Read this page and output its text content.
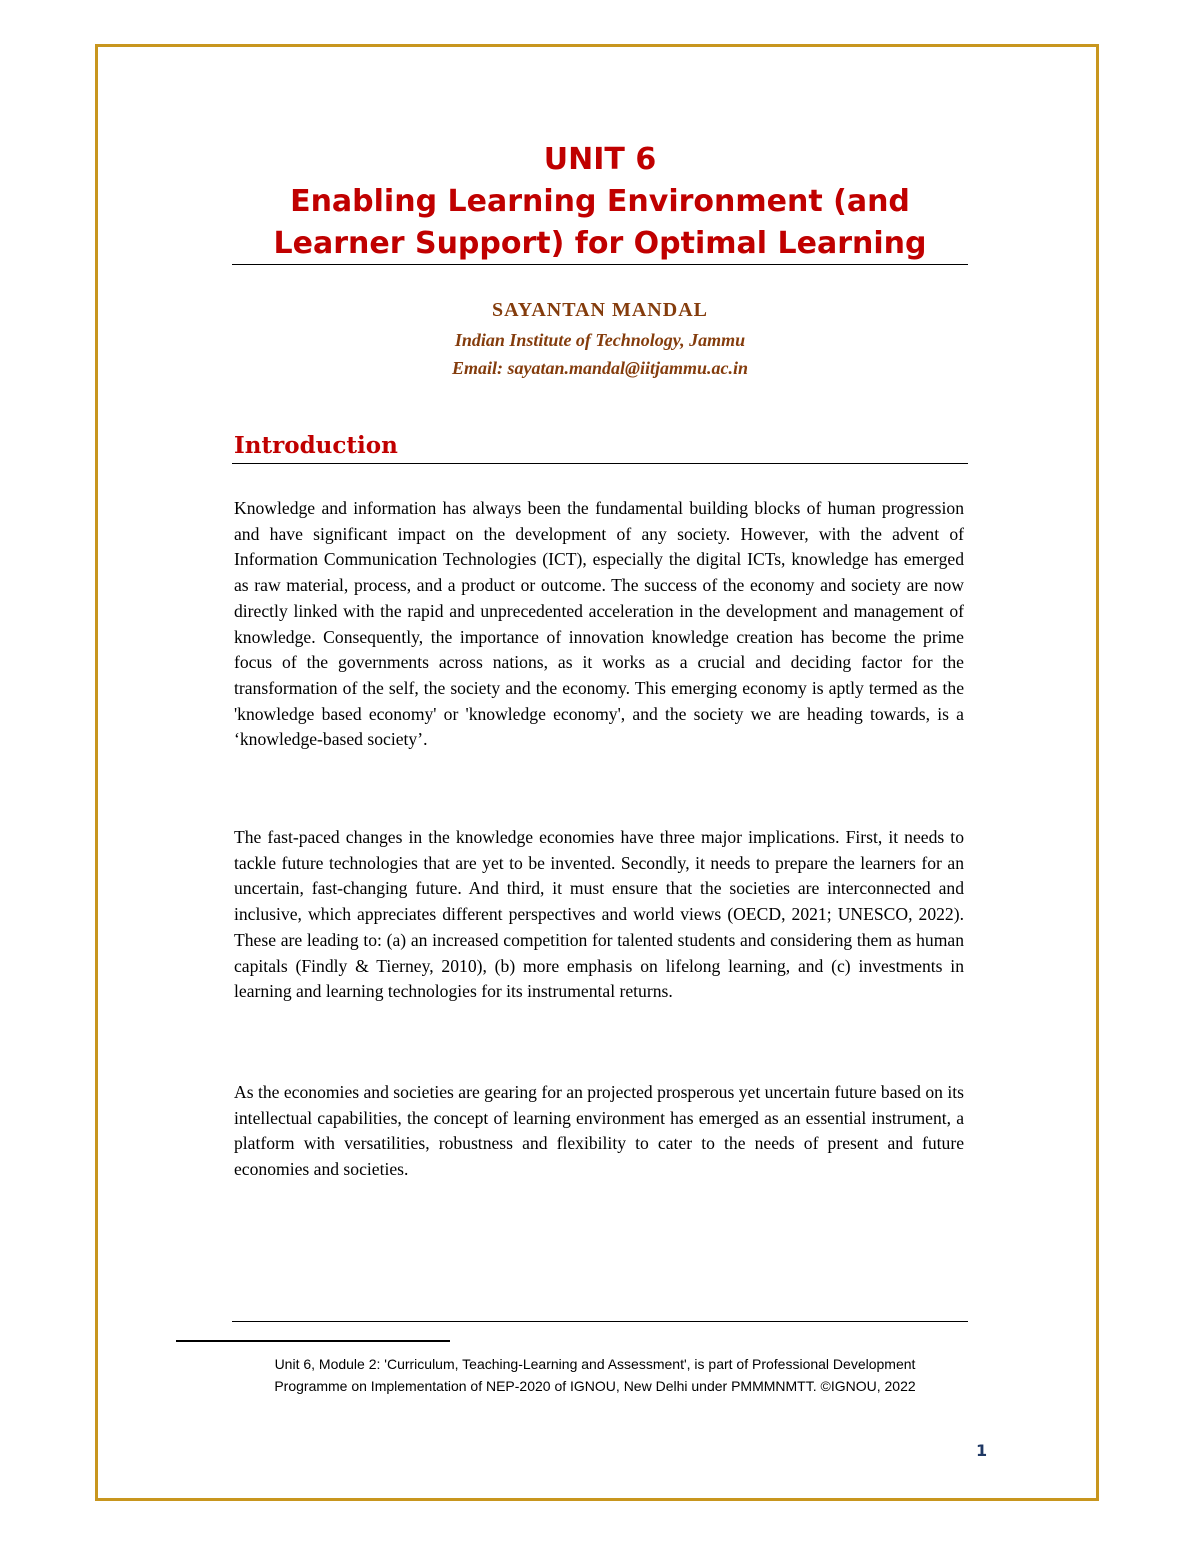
UNIT 6
Enabling Learning Environment (and
Learner Support) for Optimal Learning
SAYANTAN MANDAL
Indian Institute of Technology, Jammu
Email: sayatan.mandal@iitjammu.ac.in
Introduction

Knowledge and information has always been the fundamental building blocks of human progression and have significant impact on the development of any society. However, with the advent of Information Communication Technologies (ICT), especially the digital ICTs, knowledge has emerged as raw material, process, and a product or outcome. The success of the economy and society are now directly linked with the rapid and unprecedented acceleration in the development and management of knowledge. Consequently, the importance of innovation knowledge creation has become the prime focus of the governments across nations, as it works as a crucial and deciding factor for the transformation of the self, the society and the economy. This emerging economy is aptly termed as the 'knowledge based economy' or 'knowledge economy', and the society we are heading towards, is a ‘knowledge-based society’.

The fast-paced changes in the knowledge economies have three major implications. First, it needs to tackle future technologies that are yet to be invented. Secondly, it needs to prepare the learners for an uncertain, fast-changing future. And third, it must ensure that the societies are interconnected and inclusive, which appreciates different perspectives and world views (OECD, 2021; UNESCO, 2022). These are leading to: (a) an increased competition for talented students and considering them as human capitals (Findly & Tierney, 2010), (b) more emphasis on lifelong learning, and (c) investments in learning and learning technologies for its instrumental returns.

As the economies and societies are gearing for an projected prosperous yet uncertain future based on its intellectual capabilities, the concept of learning environment has emerged as an essential instrument, a platform with versatilities, robustness and flexibility to cater to the needs of present and future economies and societies.

Unit 6, Module 2: 'Curriculum, Teaching-Learning and Assessment', is part of Professional Development
Programme on Implementation of NEP-2020 of IGNOU, New Delhi under PMMMNMTT. ©IGNOU, 2022

1
